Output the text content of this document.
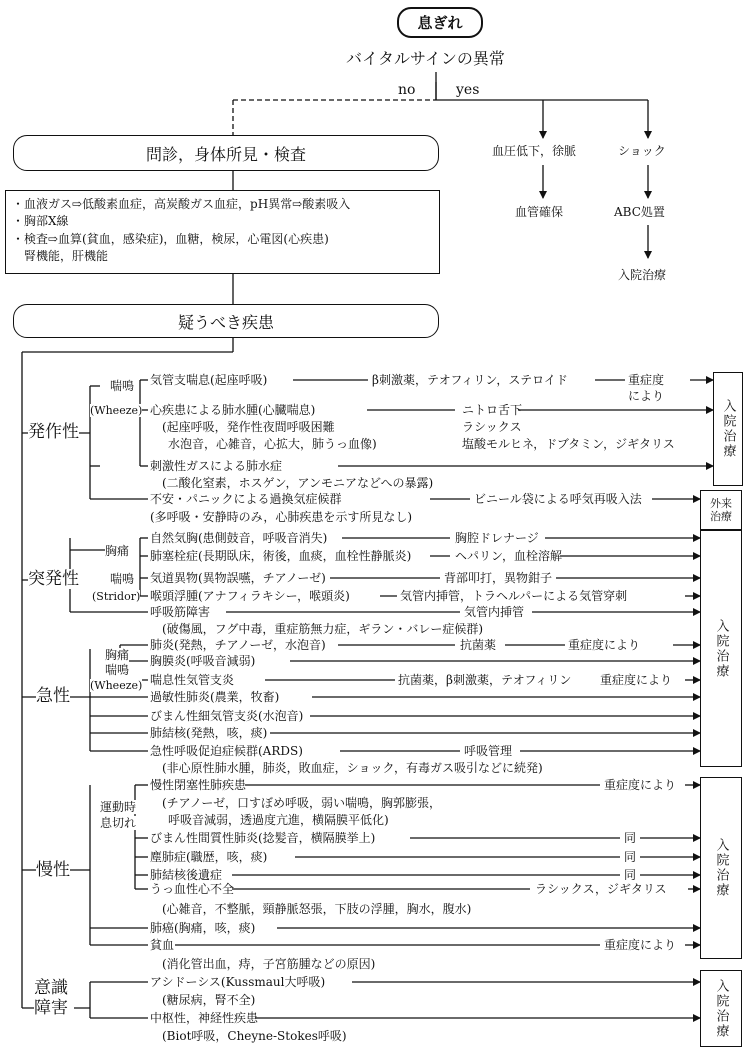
息ぎれ
バイタルサインの異常
no	yes
血圧低下，徐脈	ショック
血管確保	ABC処置
入院治療
問診，身体所見・検査
・血液ガス⇨低酸素血症，高炭酸ガス血症，pH異常⇨酸素吸入
・胸部X線
・検査⇨血算(貧血，感染症)，血糖，検尿，心電図(心疾患)
　腎機能，肝機能
疑うべき疾患
発作性
突発性
急性
慢性
意識障害
喘鳴
(Wheeze)
胸痛
喘鳴
(Stridor)
胸痛
喘鳴
(Wheeze)
運動時
息切れ
気管支喘息(起座呼吸)	β刺激薬，テオフィリン，ステロイド	重症度
により
心疾患による肺水腫(心臓喘息)	ニトロ舌下
(起座呼吸，発作性夜間呼吸困難	ラシックス
水泡音，心雑音，心拡大，肺うっ血像)	塩酸モルヒネ，ドブタミン，ジギタリス
刺激性ガスによる肺水症
(二酸化窒素，ホスゲン，アンモニアなどへの暴露)
不安・パニックによる過換気症候群	ビニール袋による呼気再吸入法
(多呼吸・安静時のみ，心肺疾患を示す所見なし)
自然気胸(患側鼓音，呼吸音消失)	胸腔ドレナージ
肺塞栓症(長期臥床，術後，血痰，血栓性静脈炎)	ヘパリン，血栓溶解
気道異物(異物誤嚥，チアノーゼ)	背部叩打，異物鉗子
喉頭浮腫(アナフィラキシー，喉頭炎)	気管内挿管，トラヘルパーによる気管穿刺
呼吸筋障害	気管内挿管
(破傷風，フグ中毒，重症筋無力症，ギラン・バレー症候群)
肺炎(発熱，チアノーゼ，水泡音)	抗菌薬	重症度により
胸膜炎(呼吸音減弱)
喘息性気管支炎	抗菌薬，β刺激薬，テオフィリン 重症度により
過敏性肺炎(農業，牧畜)
びまん性細気管支炎(水泡音)
肺結核(発熱，咳，痰)
急性呼吸促迫症候群(ARDS)	呼吸管理
(非心原性肺水腫，肺炎，敗血症，ショック，有毒ガス吸引などに続発)
慢性閉塞性肺疾患	重症度により
(チアノーゼ，口すぼめ呼吸，弱い喘鳴，胸郭膨張，
呼吸音減弱，透過度亢進，横隔膜平低化)
びまん性間質性肺炎(捻髪音，横隔膜挙上)	同
塵肺症(職歴，咳，痰)	同
肺結核後遺症	同
うっ血性心不全	ラシックス，ジギタリス
(心雑音，不整脈，頸静脈怒張，下肢の浮腫，胸水，腹水)
肺癌(胸痛，咳，痰)
貧血	重症度により
(消化管出血，痔，子宮筋腫などの原因)
アシドーシス(Kussmaul大呼吸)
(糖尿病，腎不全)
中枢性，神経性疾患
(Biot呼吸，Cheyne-Stokes呼吸)
入院治療
外来治療
入院治療
入院治療
入院治療
